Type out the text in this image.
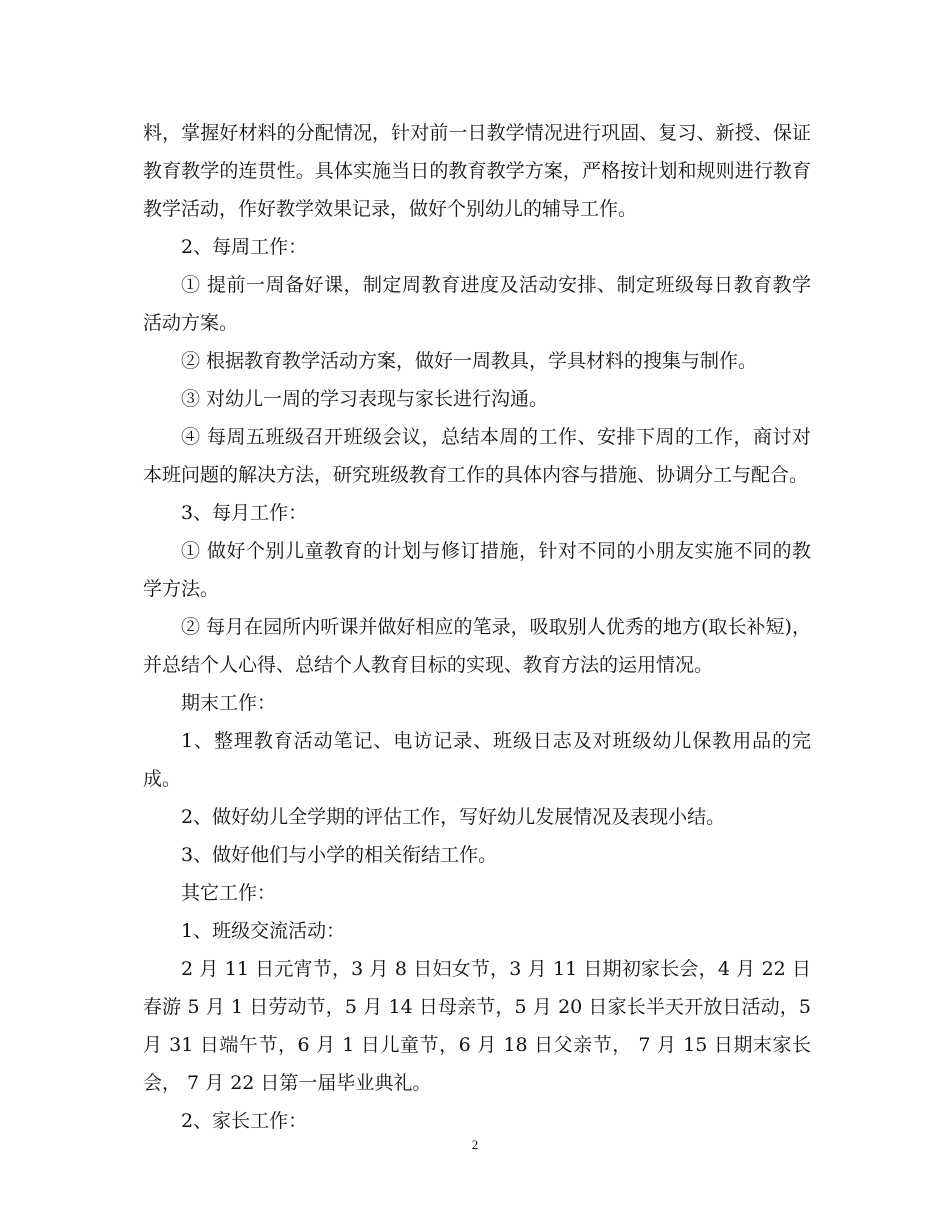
料，掌握好材料的分配情况，针对前一日教学情况进行巩固、复习、新授、保证教育教学的连贯性。具体实施当日的教育教学方案，严格按计划和规则进行教育教学活动，作好教学效果记录，做好个别幼儿的辅导工作。

2、每周工作：

① 提前一周备好课，制定周教育进度及活动安排、制定班级每日教育教学活动方案。

② 根据教育教学活动方案，做好一周教具，学具材料的搜集与制作。

③ 对幼儿一周的学习表现与家长进行沟通。

④ 每周五班级召开班级会议，总结本周的工作、安排下周的工作，商讨对本班问题的解决方法，研究班级教育工作的具体内容与措施、协调分工与配合。

3、每月工作：

① 做好个别儿童教育的计划与修订措施，针对不同的小朋友实施不同的教学方法。

② 每月在园所内听课并做好相应的笔录，吸取别人优秀的地方(取长补短)，并总结个人心得、总结个人教育目标的实现、教育方法的运用情况。

期末工作：

1、整理教育活动笔记、电访记录、班级日志及对班级幼儿保教用品的完成。

2、做好幼儿全学期的评估工作，写好幼儿发展情况及表现小结。

3、做好他们与小学的相关衔结工作。

其它工作：

1、班级交流活动：

2 月 11 日元宵节，3 月 8 日妇女节，3 月 11 日期初家长会，4 月 22 日春游 5 月 1 日劳动节，5 月 14 日母亲节，5 月 20 日家长半天开放日活动，5 月 31 日端午节，6 月 1 日儿童节，6 月 18 日父亲节， 7 月 15 日期末家长会， 7 月 22 日第一届毕业典礼。

2、家长工作：

2
